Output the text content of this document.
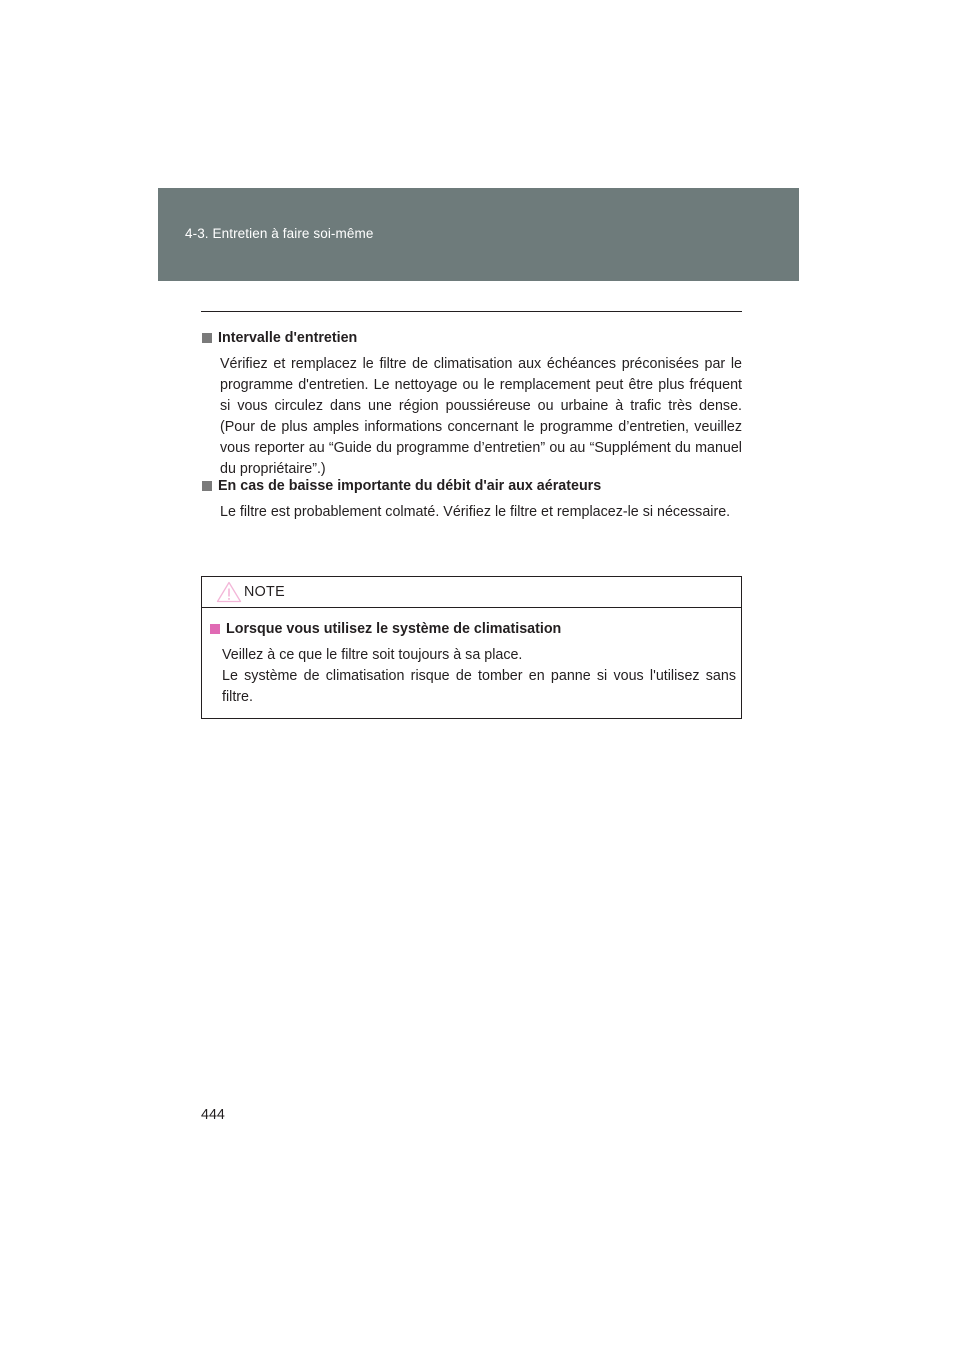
4-3. Entretien à faire soi-même
Intervalle d'entretien
Vérifiez et remplacez le filtre de climatisation aux échéances préconisées par le programme d'entretien. Le nettoyage ou le remplacement peut être plus fréquent si vous circulez dans une région poussiéreuse ou urbaine à trafic très dense. (Pour de plus amples informations concernant le programme d’entretien, veuillez vous reporter au “Guide du programme d’entretien” ou au “Supplément du manuel du propriétaire”.)
En cas de baisse importante du débit d'air aux aérateurs
Le filtre est probablement colmaté. Vérifiez le filtre et remplacez-le si nécessaire.
NOTE
Lorsque vous utilisez le système de climatisation

Veillez à ce que le filtre soit toujours à sa place.

Le système de climatisation risque de tomber en panne si vous l'utilisez sans filtre.

444
